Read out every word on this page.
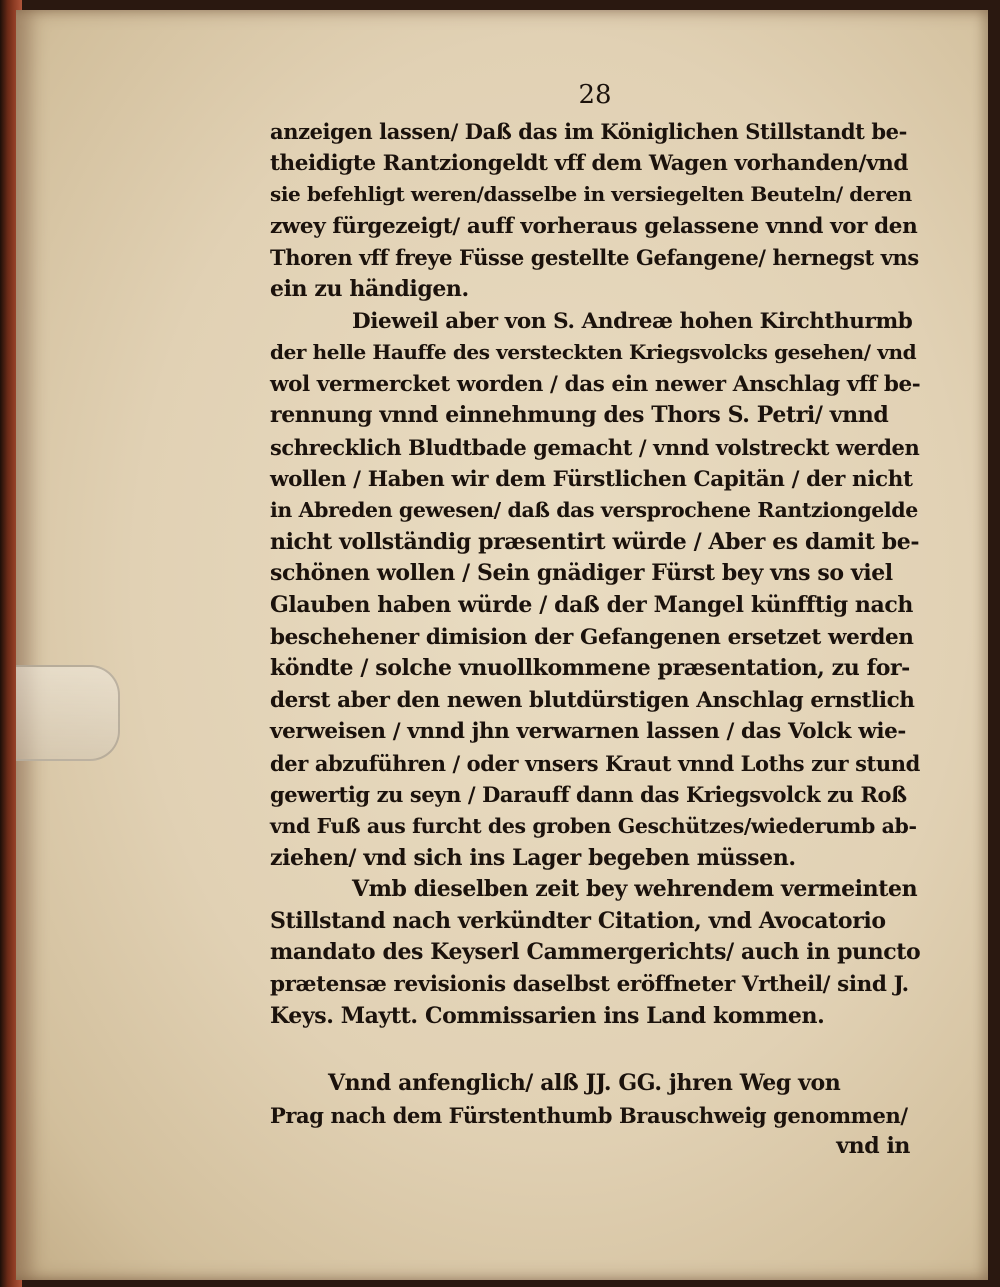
28
anzeigen lassen/ Daß das im Königlichen Stillstandt be-
theidigte Rantziongeldt vff dem Wagen vorhanden/vnd
sie befehligt weren/dasselbe in versiegelten Beuteln/ deren
zwey fürgezeigt/ auff vorheraus gelassene vnnd vor den
Thoren vff freye Füsse gestellte Gefangene/ hernegst vns
ein zu händigen.
Dieweil aber von S. Andreæ hohen Kirchthurmb
der helle Hauffe des versteckten Kriegsvolcks gesehen/ vnd
wol vermercket worden / das ein newer Anschlag vff be-
rennung vnnd einnehmung des Thors S. Petri/ vnnd
schrecklich Bludtbade gemacht / vnnd volstreckt werden
wollen / Haben wir dem Fürstlichen Capitän / der nicht
in Abreden gewesen/ daß das versprochene Rantziongelde
nicht vollständig præsentirt würde / Aber es damit be-
schönen wollen / Sein gnädiger Fürst bey vns so viel
Glauben haben würde / daß der Mangel künfftig nach
beschehener dimision der Gefangenen ersetzet werden
köndte / solche vnuollkommene præsentation, zu for-
derst aber den newen blutdürstigen Anschlag ernstlich
verweisen / vnnd jhn verwarnen lassen / das Volck wie-
der abzuführen / oder vnsers Kraut vnnd Loths zur stund
gewertig zu seyn / Darauff dann das Kriegsvolck zu Roß
vnd Fuß aus furcht des groben Geschützes/wiederumb ab-
ziehen/ vnd sich ins Lager begeben müssen.
Vmb dieselben zeit bey wehrendem vermeinten
Stillstand nach verkündter Citation, vnd Avocatorio
mandato des Keyserl Cammergerichts/ auch in puncto
prætensæ revisionis daselbst eröffneter Vrtheil/ sind J.
Keys. Maytt. Commissarien ins Land kommen.
Vnnd anfenglich/ alß JJ. GG. jhren Weg von
Prag nach dem Fürstenthumb Brauschweig genommen/
vnd in
